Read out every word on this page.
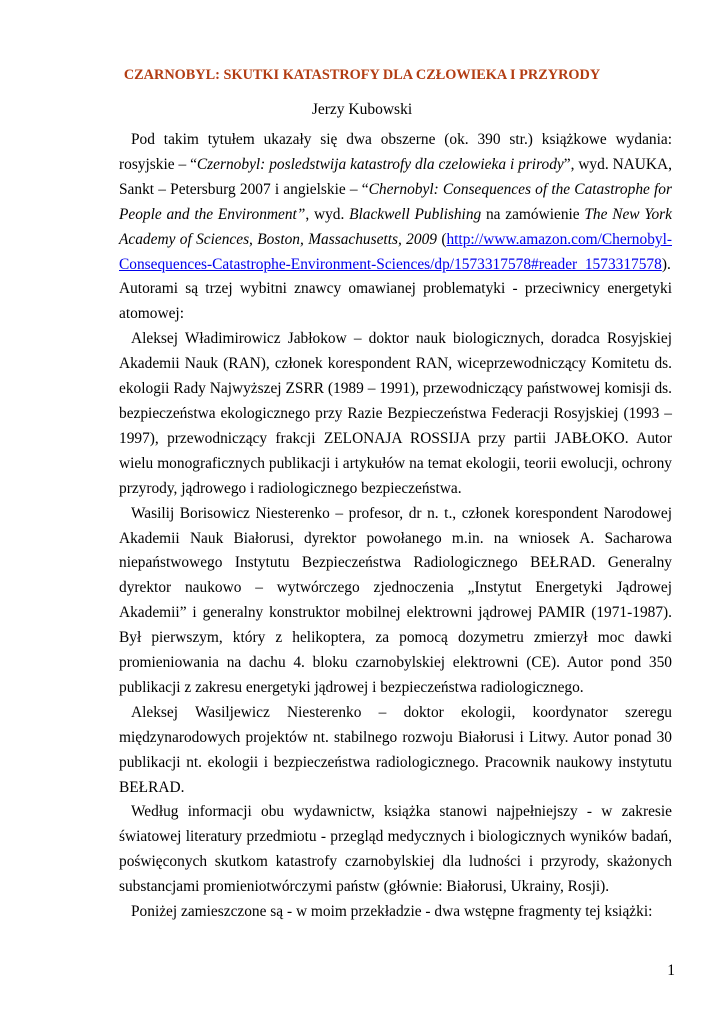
CZARNOBYL: SKUTKI KATASTROFY DLA CZŁOWIEKA I PRZYRODY
Jerzy Kubowski

Pod takim tytułem ukazały się dwa obszerne (ok. 390 str.) książkowe wydania: rosyjskie – “Czernobyl: posledstwija katastrofy dla czelowieka i prirody”, wyd. NAUKA, Sankt – Petersburg 2007 i angielskie – “Chernobyl: Consequences of the Catastrophe for People and the Environment”, wyd. Blackwell Publishing na zamówienie The New York Academy of Sciences, Boston, Massachusetts, 2009 (http://www.amazon.com/Chernobyl-Consequences-Catastrophe-Environment-Sciences/dp/1573317578#reader_1573317578). Autorami są trzej wybitni znawcy omawianej problematyki - przeciwnicy energetyki atomowej:

Aleksej Władimirowicz Jabłokow – doktor nauk biologicznych, doradca Rosyjskiej Akademii Nauk (RAN), członek korespondent RAN, wiceprzewodniczący Komitetu ds. ekologii Rady Najwyższej ZSRR (1989 – 1991), przewodniczący państwowej komisji ds. bezpieczeństwa ekologicznego przy Razie Bezpieczeństwa Federacji Rosyjskiej (1993 – 1997), przewodniczący frakcji ZELONAJA ROSSIJA przy partii JABŁOKO. Autor wielu monograficznych publikacji i artykułów na temat ekologii, teorii ewolucji, ochrony przyrody, jądrowego i radiologicznego bezpieczeństwa.

Wasilij Borisowicz Niesterenko – profesor, dr n. t., członek korespondent Narodowej Akademii Nauk Białorusi, dyrektor powołanego m.in. na wniosek A. Sacharowa niepaństwowego Instytutu Bezpieczeństwa Radiologicznego BEŁRAD. Generalny dyrektor naukowo – wytwórczego zjednoczenia „Instytut Energetyki Jądrowej Akademii” i generalny konstruktor mobilnej elektrowni jądrowej PAMIR (1971-1987). Był pierwszym, który z helikoptera, za pomocą dozymetru zmierzył moc dawki promieniowania na dachu 4. bloku czarnobylskiej elektrowni (CE). Autor pond 350 publikacji z zakresu energetyki jądrowej i bezpieczeństwa radiologicznego.

Aleksej Wasiljewicz Niesterenko – doktor ekologii, koordynator szeregu międzynarodowych projektów nt. stabilnego rozwoju Białorusi i Litwy. Autor ponad 30 publikacji nt. ekologii i bezpieczeństwa radiologicznego. Pracownik naukowy instytutu BEŁRAD.

Według informacji obu wydawnictw, książka stanowi najpełniejszy - w zakresie światowej literatury przedmiotu - przegląd medycznych i biologicznych wyników badań, poświęconych skutkom katastrofy czarnobylskiej dla ludności i przyrody, skażonych substancjami promieniotwórczymi państw (głównie: Białorusi, Ukrainy, Rosji).

Poniżej zamieszczone są - w moim przekładzie - dwa wstępne fragmenty tej książki:

1
